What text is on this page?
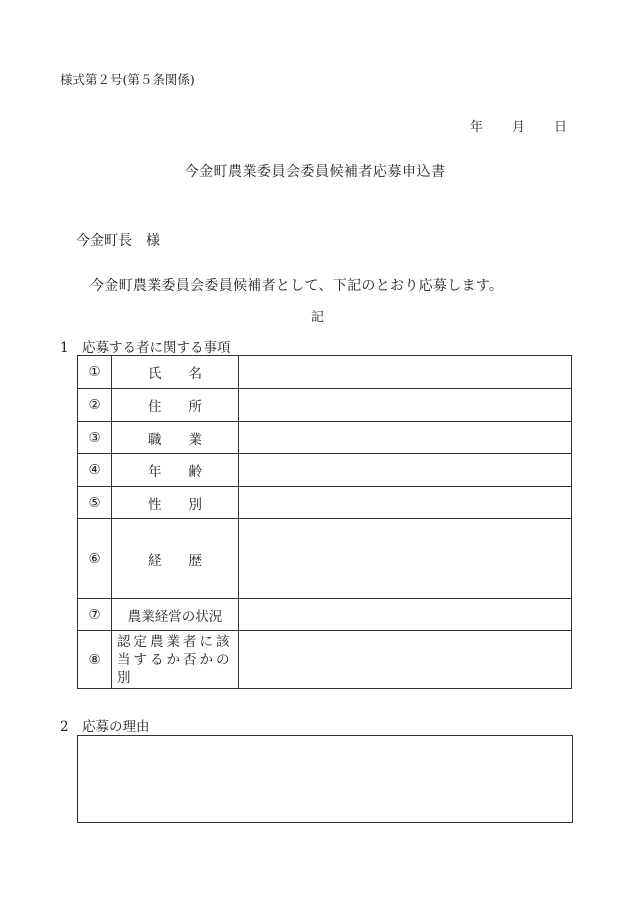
様式第２号(第５条関係)
年 月 日
今金町農業委員会委員候補者応募申込書
今金町長 様
今金町農業委員会委員候補者として、下記のとおり応募します。
記
1 応募する者に関する事項
①	氏　　名	
②	住　　所	
③	職　　業	
④	年　　齢	
⑤	性　　別	
⑥	経　　歴	
⑦	農業経営の状況	
⑧	認定農業者に該当するか否かの別	
2 応募の理由
